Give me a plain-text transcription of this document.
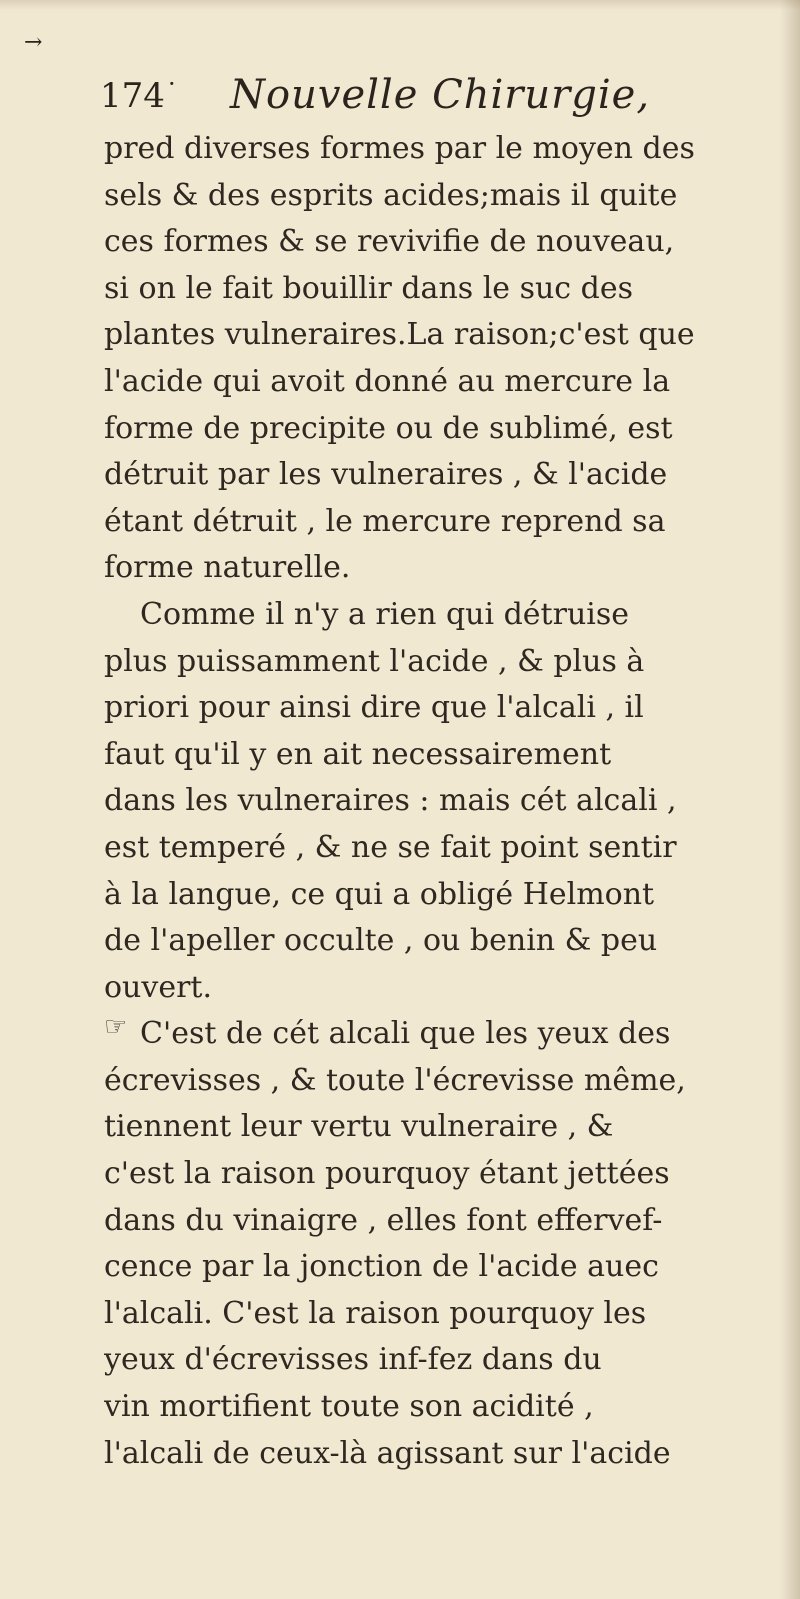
→
174 · Nouvelle Chirurgie,
pred diverses formes par le moyen des
sels & des esprits acides;mais il quite
ces formes & se revivifie de nouveau,
si on le fait bouillir dans le suc des
plantes vulneraires.La raison;c'est que
l'acide qui avoit donné au mercure la
forme de precipite ou de sublimé, est
détruit par les vulneraires , & l'acide
étant détruit , le mercure reprend sa
forme naturelle.
Comme il n'y a rien qui détruise
plus puissamment l'acide , & plus à
priori pour ainsi dire que l'alcali , il
faut qu'il y en ait necessairement
dans les vulneraires : mais cét alcali ,
est temperé , & ne se fait point sentir
à la langue, ce qui a obligé Helmont
de l'apeller occulte , ou benin & peu
ouvert.
C'est de cét alcali que les yeux des
écrevisses , & toute l'écrevisse même,
tiennent leur vertu vulneraire , &
c'est la raison pourquoy étant jettées
dans du vinaigre , elles font effervef-
cence par la jonction de l'acide auec
l'alcali. C'est la raison pourquoy les
yeux d'écrevisses inf-fez dans du
vin mortifient toute son acidité ,
l'alcali de ceux-là agissant sur l'acide
☞
